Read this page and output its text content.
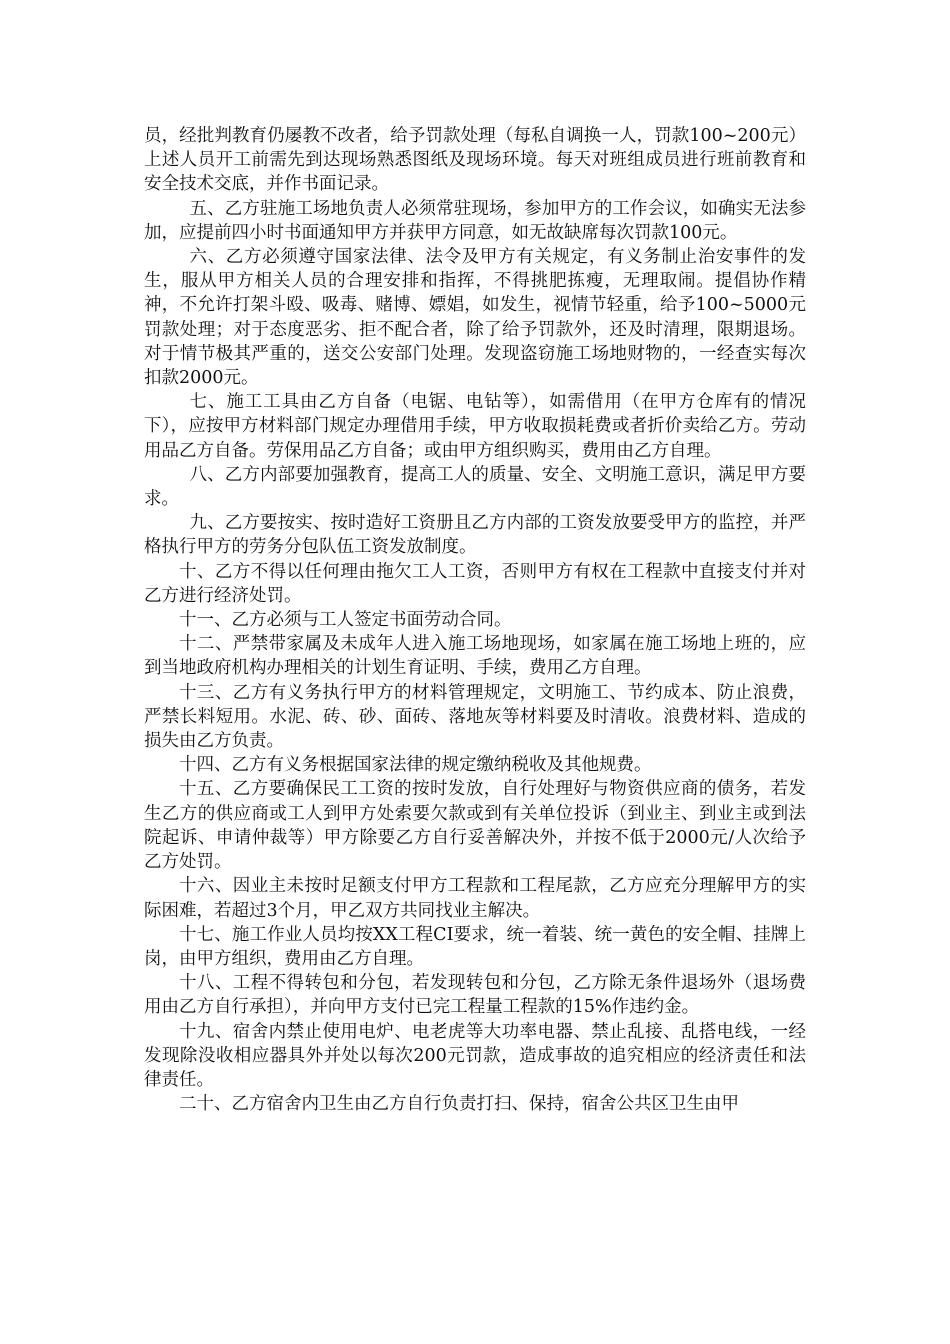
员，经批判教育仍屡教不改者，给予罚款处理（每私自调换一人，罚款100~200元）上述人员开工前需先到达现场熟悉图纸及现场环境。每天对班组成员进行班前教育和安全技术交底，并作书面记录。

五、乙方驻施工场地负责人必须常驻现场，参加甲方的工作会议，如确实无法参加，应提前四小时书面通知甲方并获甲方同意，如无故缺席每次罚款100元。

六、乙方必须遵守国家法律、法令及甲方有关规定，有义务制止治安事件的发生，服从甲方相关人员的合理安排和指挥，不得挑肥拣瘦，无理取闹。提倡协作精神，不允许打架斗殴、吸毒、赌博、嫖娼，如发生，视情节轻重，给予100~5000元罚款处理；对于态度恶劣、拒不配合者，除了给予罚款外，还及时清理，限期退场。对于情节极其严重的，送交公安部门处理。发现盗窃施工场地财物的，一经查实每次扣款2000元。

七、施工工具由乙方自备（电锯、电钻等），如需借用（在甲方仓库有的情况下），应按甲方材料部门规定办理借用手续，甲方收取损耗费或者折价卖给乙方。劳动用品乙方自备。劳保用品乙方自备；或由甲方组织购买，费用由乙方自理。

八、乙方内部要加强教育，提高工人的质量、安全、文明施工意识，满足甲方要求。

九、乙方要按实、按时造好工资册且乙方内部的工资发放要受甲方的监控，并严格执行甲方的劳务分包队伍工资发放制度。

十、乙方不得以任何理由拖欠工人工资，否则甲方有权在工程款中直接支付并对乙方进行经济处罚。

十一、乙方必须与工人签定书面劳动合同。

十二、严禁带家属及未成年人进入施工场地现场，如家属在施工场地上班的，应到当地政府机构办理相关的计划生育证明、手续，费用乙方自理。

十三、乙方有义务执行甲方的材料管理规定，文明施工、节约成本、防止浪费，严禁长料短用。水泥、砖、砂、面砖、落地灰等材料要及时清收。浪费材料、造成的损失由乙方负责。

十四、乙方有义务根据国家法律的规定缴纳税收及其他规费。

十五、乙方要确保民工工资的按时发放，自行处理好与物资供应商的债务，若发生乙方的供应商或工人到甲方处索要欠款或到有关单位投诉（到业主、到业主或到法院起诉、申请仲裁等）甲方除要乙方自行妥善解决外，并按不低于2000元/人次给予乙方处罚。

十六、因业主未按时足额支付甲方工程款和工程尾款，乙方应充分理解甲方的实际困难，若超过3个月，甲乙双方共同找业主解决。

十七、施工作业人员均按XX工程CI要求，统一着装、统一黄色的安全帽、挂牌上岗，由甲方组织，费用由乙方自理。

十八、工程不得转包和分包，若发现转包和分包，乙方除无条件退场外（退场费用由乙方自行承担），并向甲方支付已完工程量工程款的15%作违约金。

十九、宿舍内禁止使用电炉、电老虎等大功率电器、禁止乱接、乱搭电线，一经发现除没收相应器具外并处以每次200元罚款，造成事故的追究相应的经济责任和法律责任。

二十、乙方宿舍内卫生由乙方自行负责打扫、保持，宿舍公共区卫生由甲
